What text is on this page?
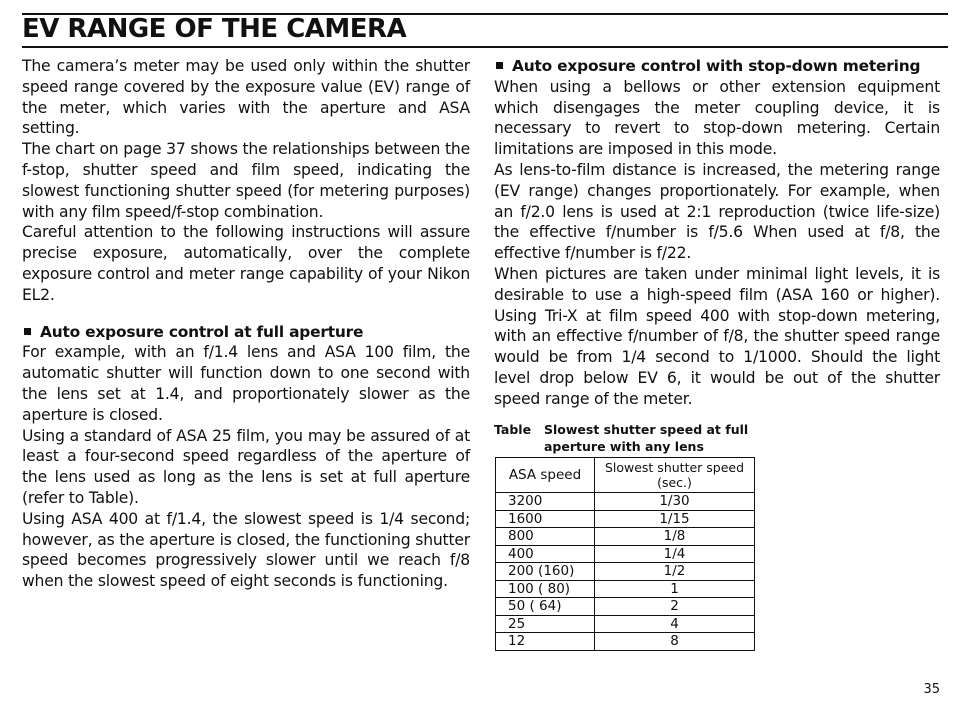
EV RANGE OF THE CAMERA

The camera’s meter may be used only within the shutter speed range covered by the exposure value (EV) range of the meter, which varies with the aperture and ASA setting.

The chart on page 37 shows the relationships between the f-stop, shutter speed and film speed, indicating the slowest functioning shutter speed (for metering purposes) with any film speed/f-stop combination.

Careful attention to the following instructions will assure precise exposure, automatically, over the complete exposure control and meter range capability of your Nikon EL2.

Auto exposure control at full aperture

For example, with an f/1.4 lens and ASA 100 film, the automatic shutter will function down to one second with the lens set at 1.4, and proportionately slower as the aperture is closed.

Using a standard of ASA 25 film, you may be assured of at least a four-second speed regardless of the aperture of the lens used as long as the lens is set at full aperture (refer to Table).

Using ASA 400 at f/1.4, the slowest speed is 1/4 second; however, as the aperture is closed, the functioning shutter speed becomes progressively slower until we reach f/8 when the slowest speed of eight seconds is functioning.

Auto exposure control with stop-down metering

When using a bellows or other extension equipment which disengages the meter coupling device, it is necessary to revert to stop-down metering. Certain limitations are imposed in this mode.

As lens-to-film distance is increased, the metering range (EV range) changes proportionately. For example, when an f/2.0 lens is used at 2:1 reproduction (twice life-size) the effective f/number is f/5.6 When used at f/8, the effective f/number is f/22.

When pictures are taken under minimal light levels, it is desirable to use a high-speed film (ASA 160 or higher). Using Tri-X at film speed 400 with stop-down metering, with an effective f/number of f/8, the shutter speed range would be from 1/4 second to 1/1000. Should the light level drop below EV 6, it would be out of the shutter speed range of the meter.

Table Slowest shutter speed at full
aperture with any lens
ASA speed	Slowest shutter speed (sec.)
3200	1/30
1600	1/15
800	1/8
400	1/4
200 (160)	1/2
100 ( 80)	1
50 ( 64)	2
25	4
12	8
35
